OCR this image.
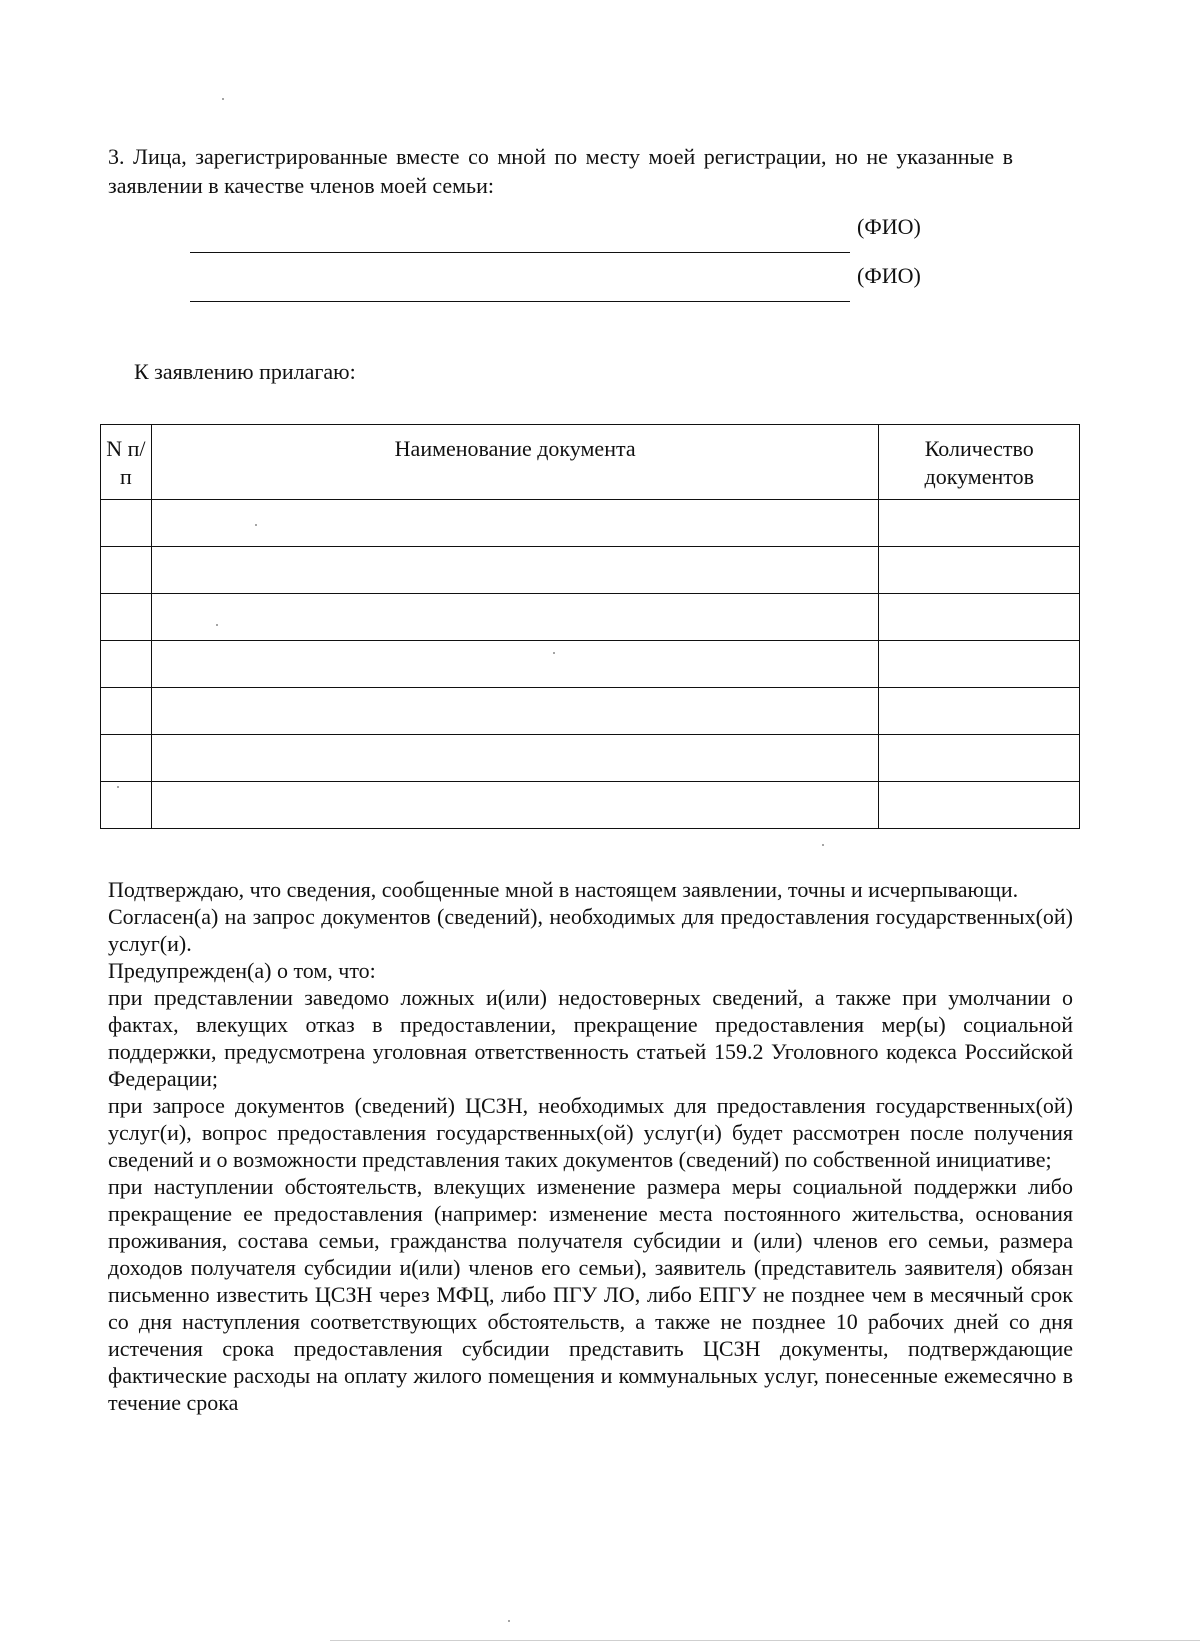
3. Лица, зарегистрированные вместе со мной по месту моей регистрации, но не указанные в заявлении в качестве членов моей семьи:
(ФИО)
(ФИО)
К заявлению прилагаю:
N п/п	Наименование документа	Количество документов

Подтверждаю, что сведения, сообщенные мной в настоящем заявлении, точны и исчерпывающи.

Согласен(а) на запрос документов (сведений), необходимых для предоставления государственных(ой) услуг(и).

Предупрежден(а) о том, что:

при представлении заведомо ложных и(или) недостоверных сведений, а также при умолчании о фактах, влекущих отказ в предоставлении, прекращение предоставления мер(ы) социальной поддержки, предусмотрена уголовная ответственность статьей 159.2 Уголовного кодекса Российской Федерации;

при запросе документов (сведений) ЦСЗН, необходимых для предоставления государственных(ой) услуг(и), вопрос предоставления государственных(ой) услуг(и) будет рассмотрен после получения сведений и о возможности представления таких документов (сведений) по собственной инициативе;

при наступлении обстоятельств, влекущих изменение размера меры социальной поддержки либо прекращение ее предоставления (например: изменение места постоянного жительства, основания проживания, состава семьи, гражданства получателя субсидии и (или) членов его семьи, размера доходов получателя субсидии и(или) членов его семьи), заявитель (представитель заявителя) обязан письменно известить ЦСЗН через МФЦ, либо ПГУ ЛО, либо ЕПГУ не позднее чем в месячный срок со дня наступления соответствующих обстоятельств, а также не позднее 10 рабочих дней со дня истечения срока предоставления субсидии представить ЦСЗН документы, подтверждающие фактические расходы на оплату жилого помещения и коммунальных услуг, понесенные ежемесячно в течение срока
